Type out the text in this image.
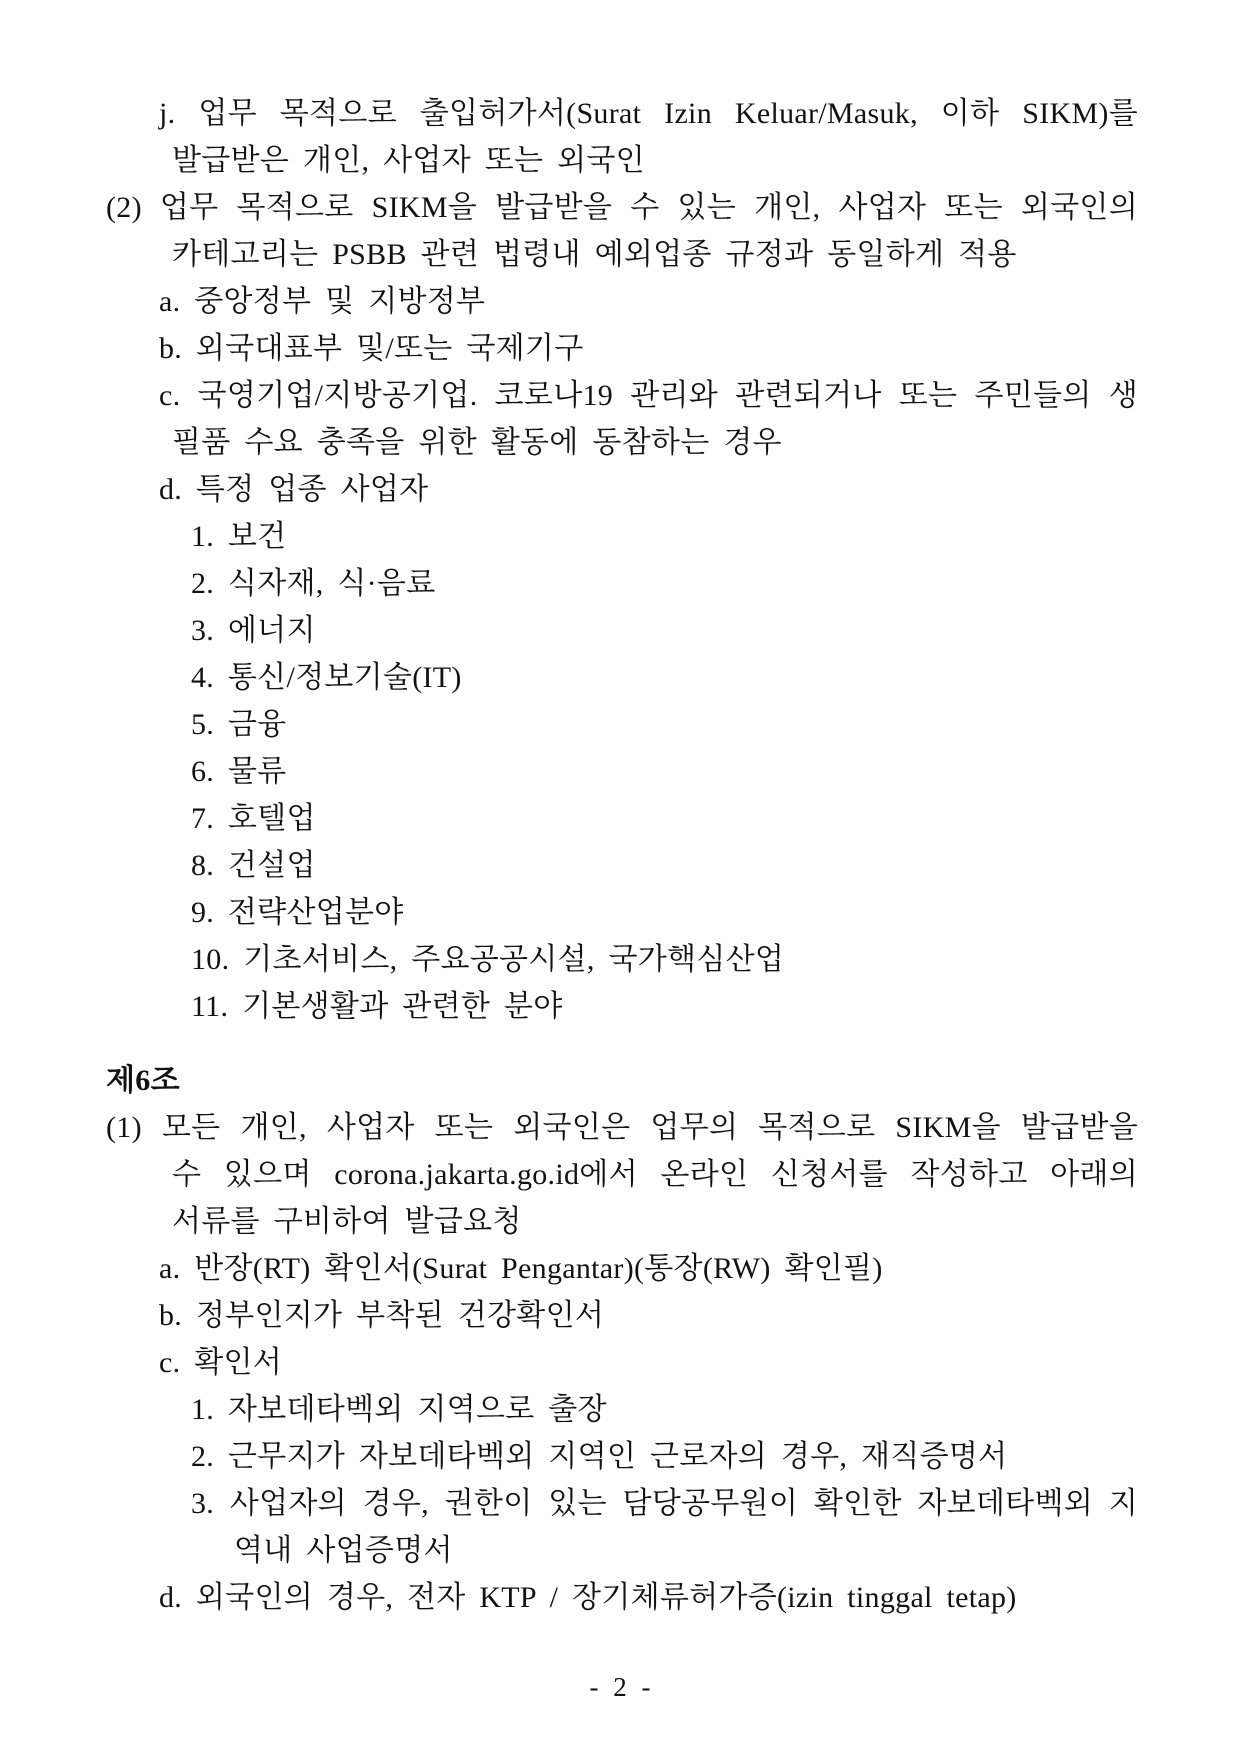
j. 업무 목적으로 출입허가서(Surat Izin Keluar/Masuk, 이하 SIKM)를
발급받은 개인, 사업자 또는 외국인
(2) 업무 목적으로 SIKM을 발급받을 수 있는 개인, 사업자 또는 외국인의
카테고리는 PSBB 관련 법령내 예외업종 규정과 동일하게 적용
a. 중앙정부 및 지방정부
b. 외국대표부 및/또는 국제기구
c. 국영기업/지방공기업. 코로나19 관리와 관련되거나 또는 주민들의 생
필품 수요 충족을 위한 활동에 동참하는 경우
d. 특정 업종 사업자
1. 보건
2. 식자재, 식·음료
3. 에너지
4. 통신/정보기술(IT)
5. 금융
6. 물류
7. 호텔업
8. 건설업
9. 전략산업분야
10. 기초서비스, 주요공공시설, 국가핵심산업
11. 기본생활과 관련한 분야
제6조
(1) 모든 개인, 사업자 또는 외국인은 업무의 목적으로 SIKM을 발급받을
수 있으며 corona.jakarta.go.id에서 온라인 신청서를 작성하고 아래의
서류를 구비하여 발급요청
a. 반장(RT) 확인서(Surat Pengantar)(통장(RW) 확인필)
b. 정부인지가 부착된 건강확인서
c. 확인서
1. 자보데타벡외 지역으로 출장
2. 근무지가 자보데타벡외 지역인 근로자의 경우, 재직증명서
3. 사업자의 경우, 권한이 있는 담당공무원이 확인한 자보데타벡외 지
역내 사업증명서
d. 외국인의 경우, 전자 KTP / 장기체류허가증(izin tinggal tetap)
- 2 -
